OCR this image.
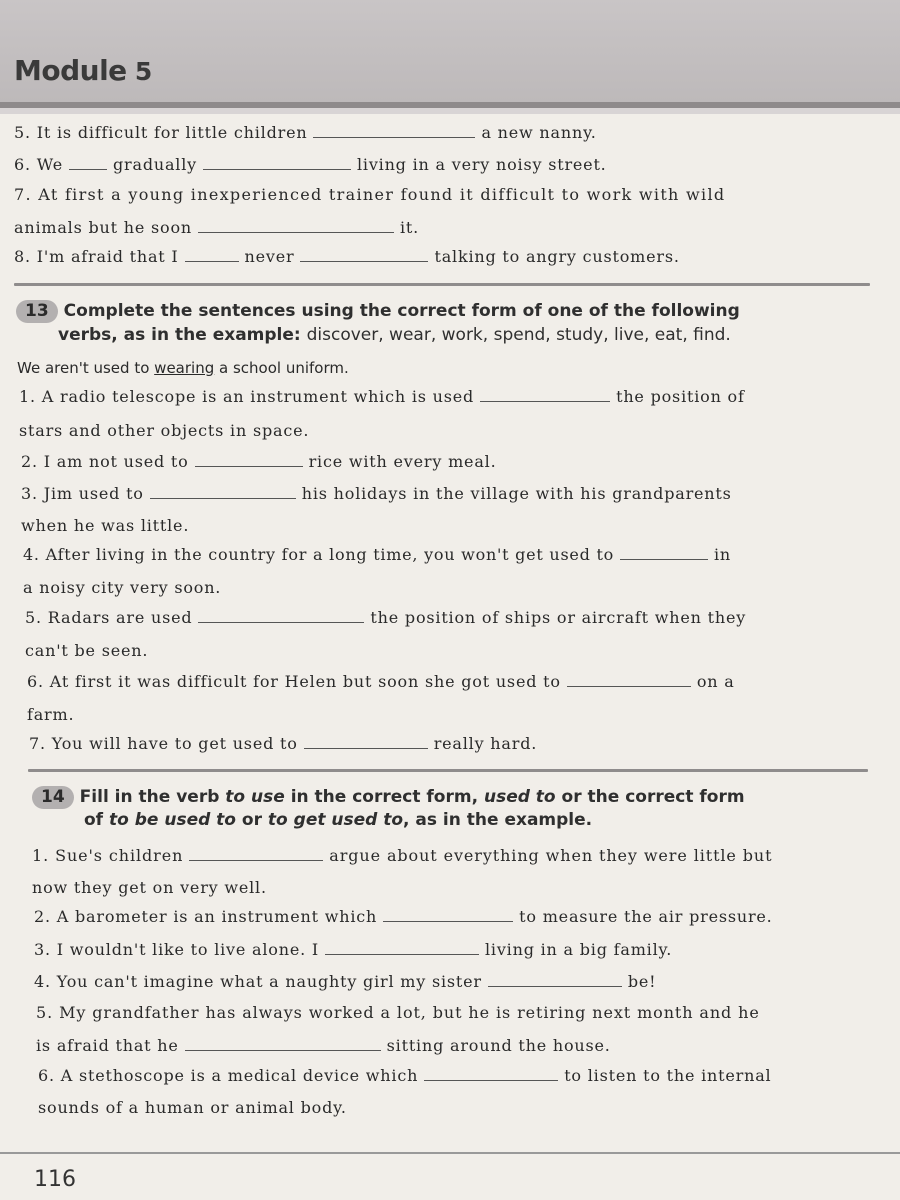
Module 5
5. It is difficult for little children	a new nanny.
6. We	gradually	living in a very noisy street.
7. At first a young inexperienced trainer found it difficult to work with wild
animals but he soon	it.
8. I'm afraid that I	never	talking to angry customers.
13 Complete the sentences using the correct form of one of the following
verbs, as in the example: discover, wear, work, spend, study, live, eat, find.
We aren't used to wearing a school uniform.
1. A radio telescope is an instrument which is used	the position of
stars and other objects in space.
2. I am not used to	rice with every meal.
3. Jim used to	his holidays in the village with his grandparents
when he was little.
4. After living in the country for a long time, you won't get used to	in
a noisy city very soon.
5. Radars are used	the position of ships or aircraft when they
can't be seen.
6. At first it was difficult for Helen but soon she got used to	on a
farm.
7. You will have to get used to	really hard.
14 Fill in the verb to use in the correct form, used to or the correct form
of to be used to or to get used to, as in the example.
1. Sue's children	argue about everything when they were little but
now they get on very well.
2. A barometer is an instrument which	to measure the air pressure.
3. I wouldn't like to live alone. I	living in a big family.
4. You can't imagine what a naughty girl my sister	be!
5. My grandfather has always worked a lot, but he is retiring next month and he
is afraid that he	sitting around the house.
6. A stethoscope is a medical device which	to listen to the internal
sounds of a human or animal body.
116
